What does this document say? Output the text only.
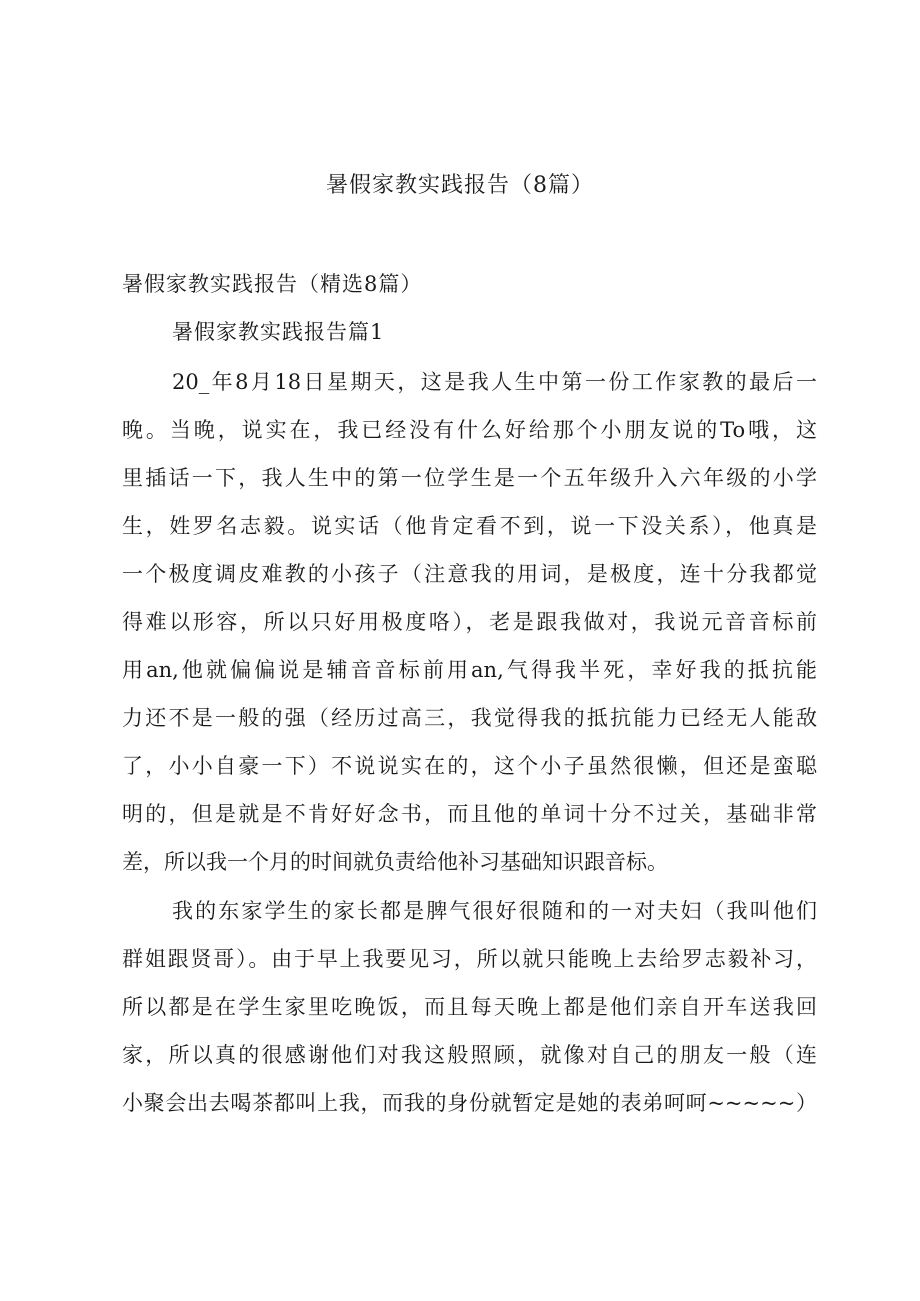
暑假家教实践报告（8篇）

暑假家教实践报告（精选8篇）

暑假家教实践报告篇1

20_年8月18日星期天，这是我人生中第一份工作家教的最后一

晚。当晚，说实在，我已经没有什么好给那个小朋友说的To哦，这

里插话一下，我人生中的第一位学生是一个五年级升入六年级的小学

生，姓罗名志毅。说实话（他肯定看不到，说一下没关系），他真是

一个极度调皮难教的小孩子（注意我的用词，是极度，连十分我都觉

得难以形容，所以只好用极度咯），老是跟我做对，我说元音音标前

用an,他就偏偏说是辅音音标前用an,气得我半死，幸好我的抵抗能

力还不是一般的强（经历过高三，我觉得我的抵抗能力已经无人能敌

了，小小自豪一下）不说说实在的，这个小子虽然很懒，但还是蛮聪

明的，但是就是不肯好好念书，而且他的单词十分不过关，基础非常

差，所以我一个月的时间就负责给他补习基础知识跟音标。

我的东家学生的家长都是脾气很好很随和的一对夫妇（我叫他们

群姐跟贤哥）。由于早上我要见习，所以就只能晚上去给罗志毅补习，

所以都是在学生家里吃晚饭，而且每天晚上都是他们亲自开车送我回

家，所以真的很感谢他们对我这般照顾，就像对自己的朋友一般（连

小聚会出去喝茶都叫上我，而我的身份就暂定是她的表弟呵呵~~~~~）
